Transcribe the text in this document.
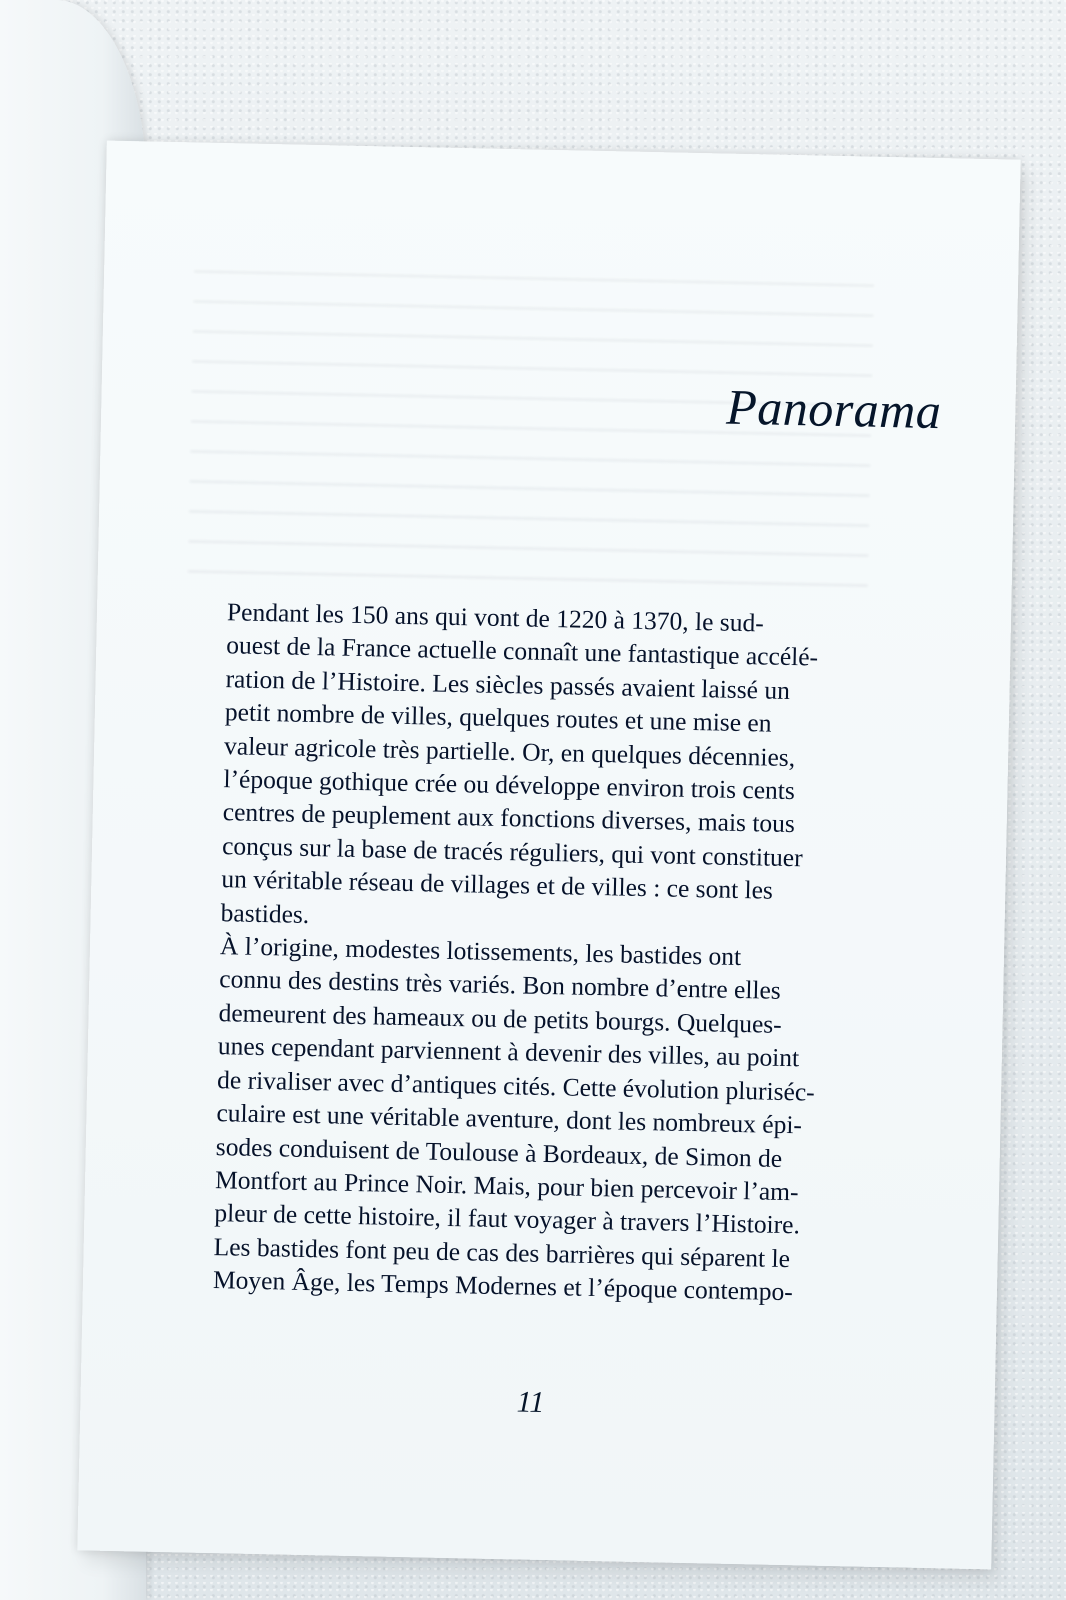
Panorama

Pendant les 150 ans qui vont de 1220 à 1370, le sud-
ouest de la France actuelle connaît une fantastique accélé-
ration de l’Histoire. Les siècles passés avaient laissé un
petit nombre de villes, quelques routes et une mise en
valeur agricole très partielle. Or, en quelques décennies,
l’époque gothique crée ou développe environ trois cents
centres de peuplement aux fonctions diverses, mais tous
conçus sur la base de tracés réguliers, qui vont constituer
un véritable réseau de villages et de villes : ce sont les
bastides.

À l’origine, modestes lotissements, les bastides ont
connu des destins très variés. Bon nombre d’entre elles
demeurent des hameaux ou de petits bourgs. Quelques-
unes cependant parviennent à devenir des villes, au point
de rivaliser avec d’antiques cités. Cette évolution pluriséc-
culaire est une véritable aventure, dont les nombreux épi-
sodes conduisent de Toulouse à Bordeaux, de Simon de
Montfort au Prince Noir. Mais, pour bien percevoir l’am-
pleur de cette histoire, il faut voyager à travers l’Histoire.
Les bastides font peu de cas des barrières qui séparent le
Moyen Âge, les Temps Modernes et l’époque contempo-

11
